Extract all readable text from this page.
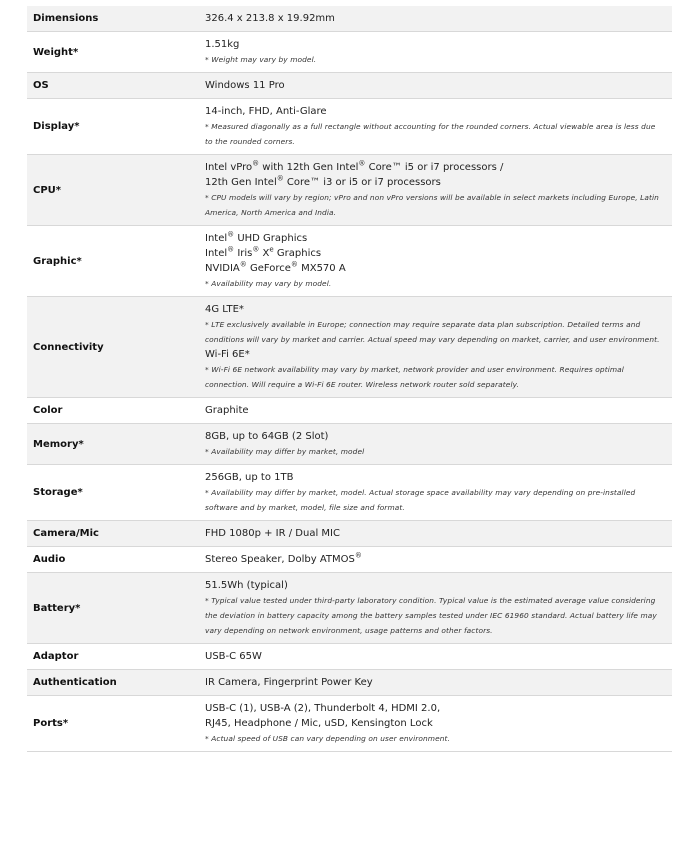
Dimensions	326.4 x 213.8 x 19.92mm

Weight*	1.51kg
* Weight may vary by model.

OS	Windows 11 Pro

Display*	14-inch, FHD, Anti-Glare
* Measured diagonally as a full rectangle without accounting for the rounded corners. Actual viewable area is less due to the rounded corners.

CPU*	Intel vPro® with 12th Gen Intel® Core™ i5 or i7 processors /
12th Gen Intel® Core™ i3 or i5 or i7 processors
* CPU models will vary by region; vPro and non vPro versions will be available in select markets including Europe, Latin America, North America and India.

Graphic*	Intel® UHD Graphics
Intel® Iris® Xe Graphics
NVIDIA® GeForce® MX570 A
* Availability may vary by model.

Connectivity	4G LTE*
* LTE exclusively available in Europe; connection may require separate data plan subscription. Detailed terms and conditions will vary by market and carrier. Actual speed may vary depending on market, carrier, and user environment.
Wi-Fi 6E*
* Wi-Fi 6E network availability may vary by market, network provider and user environment. Requires optimal connection. Will require a Wi-Fi 6E router. Wireless network router sold separately.

Color	Graphite

Memory*	8GB, up to 64GB (2 Slot)
* Availability may differ by market, model

Storage*	256GB, up to 1TB
* Availability may differ by market, model. Actual storage space availability may vary depending on pre-installed software and by market, model, file size and format.

Camera/Mic	FHD 1080p + IR / Dual MIC

Audio	Stereo Speaker, Dolby ATMOS®

Battery*	51.5Wh (typical)
* Typical value tested under third-party laboratory condition. Typical value is the estimated average value considering the deviation in battery capacity among the battery samples tested under IEC 61960 standard. Actual battery life may vary depending on network environment, usage patterns and other factors.

Adaptor	USB-C 65W

Authentication	IR Camera, Fingerprint Power Key

Ports*	USB-C (1), USB-A (2), Thunderbolt 4, HDMI 2.0,
RJ45, Headphone / Mic, uSD, Kensington Lock
* Actual speed of USB can vary depending on user environment.
